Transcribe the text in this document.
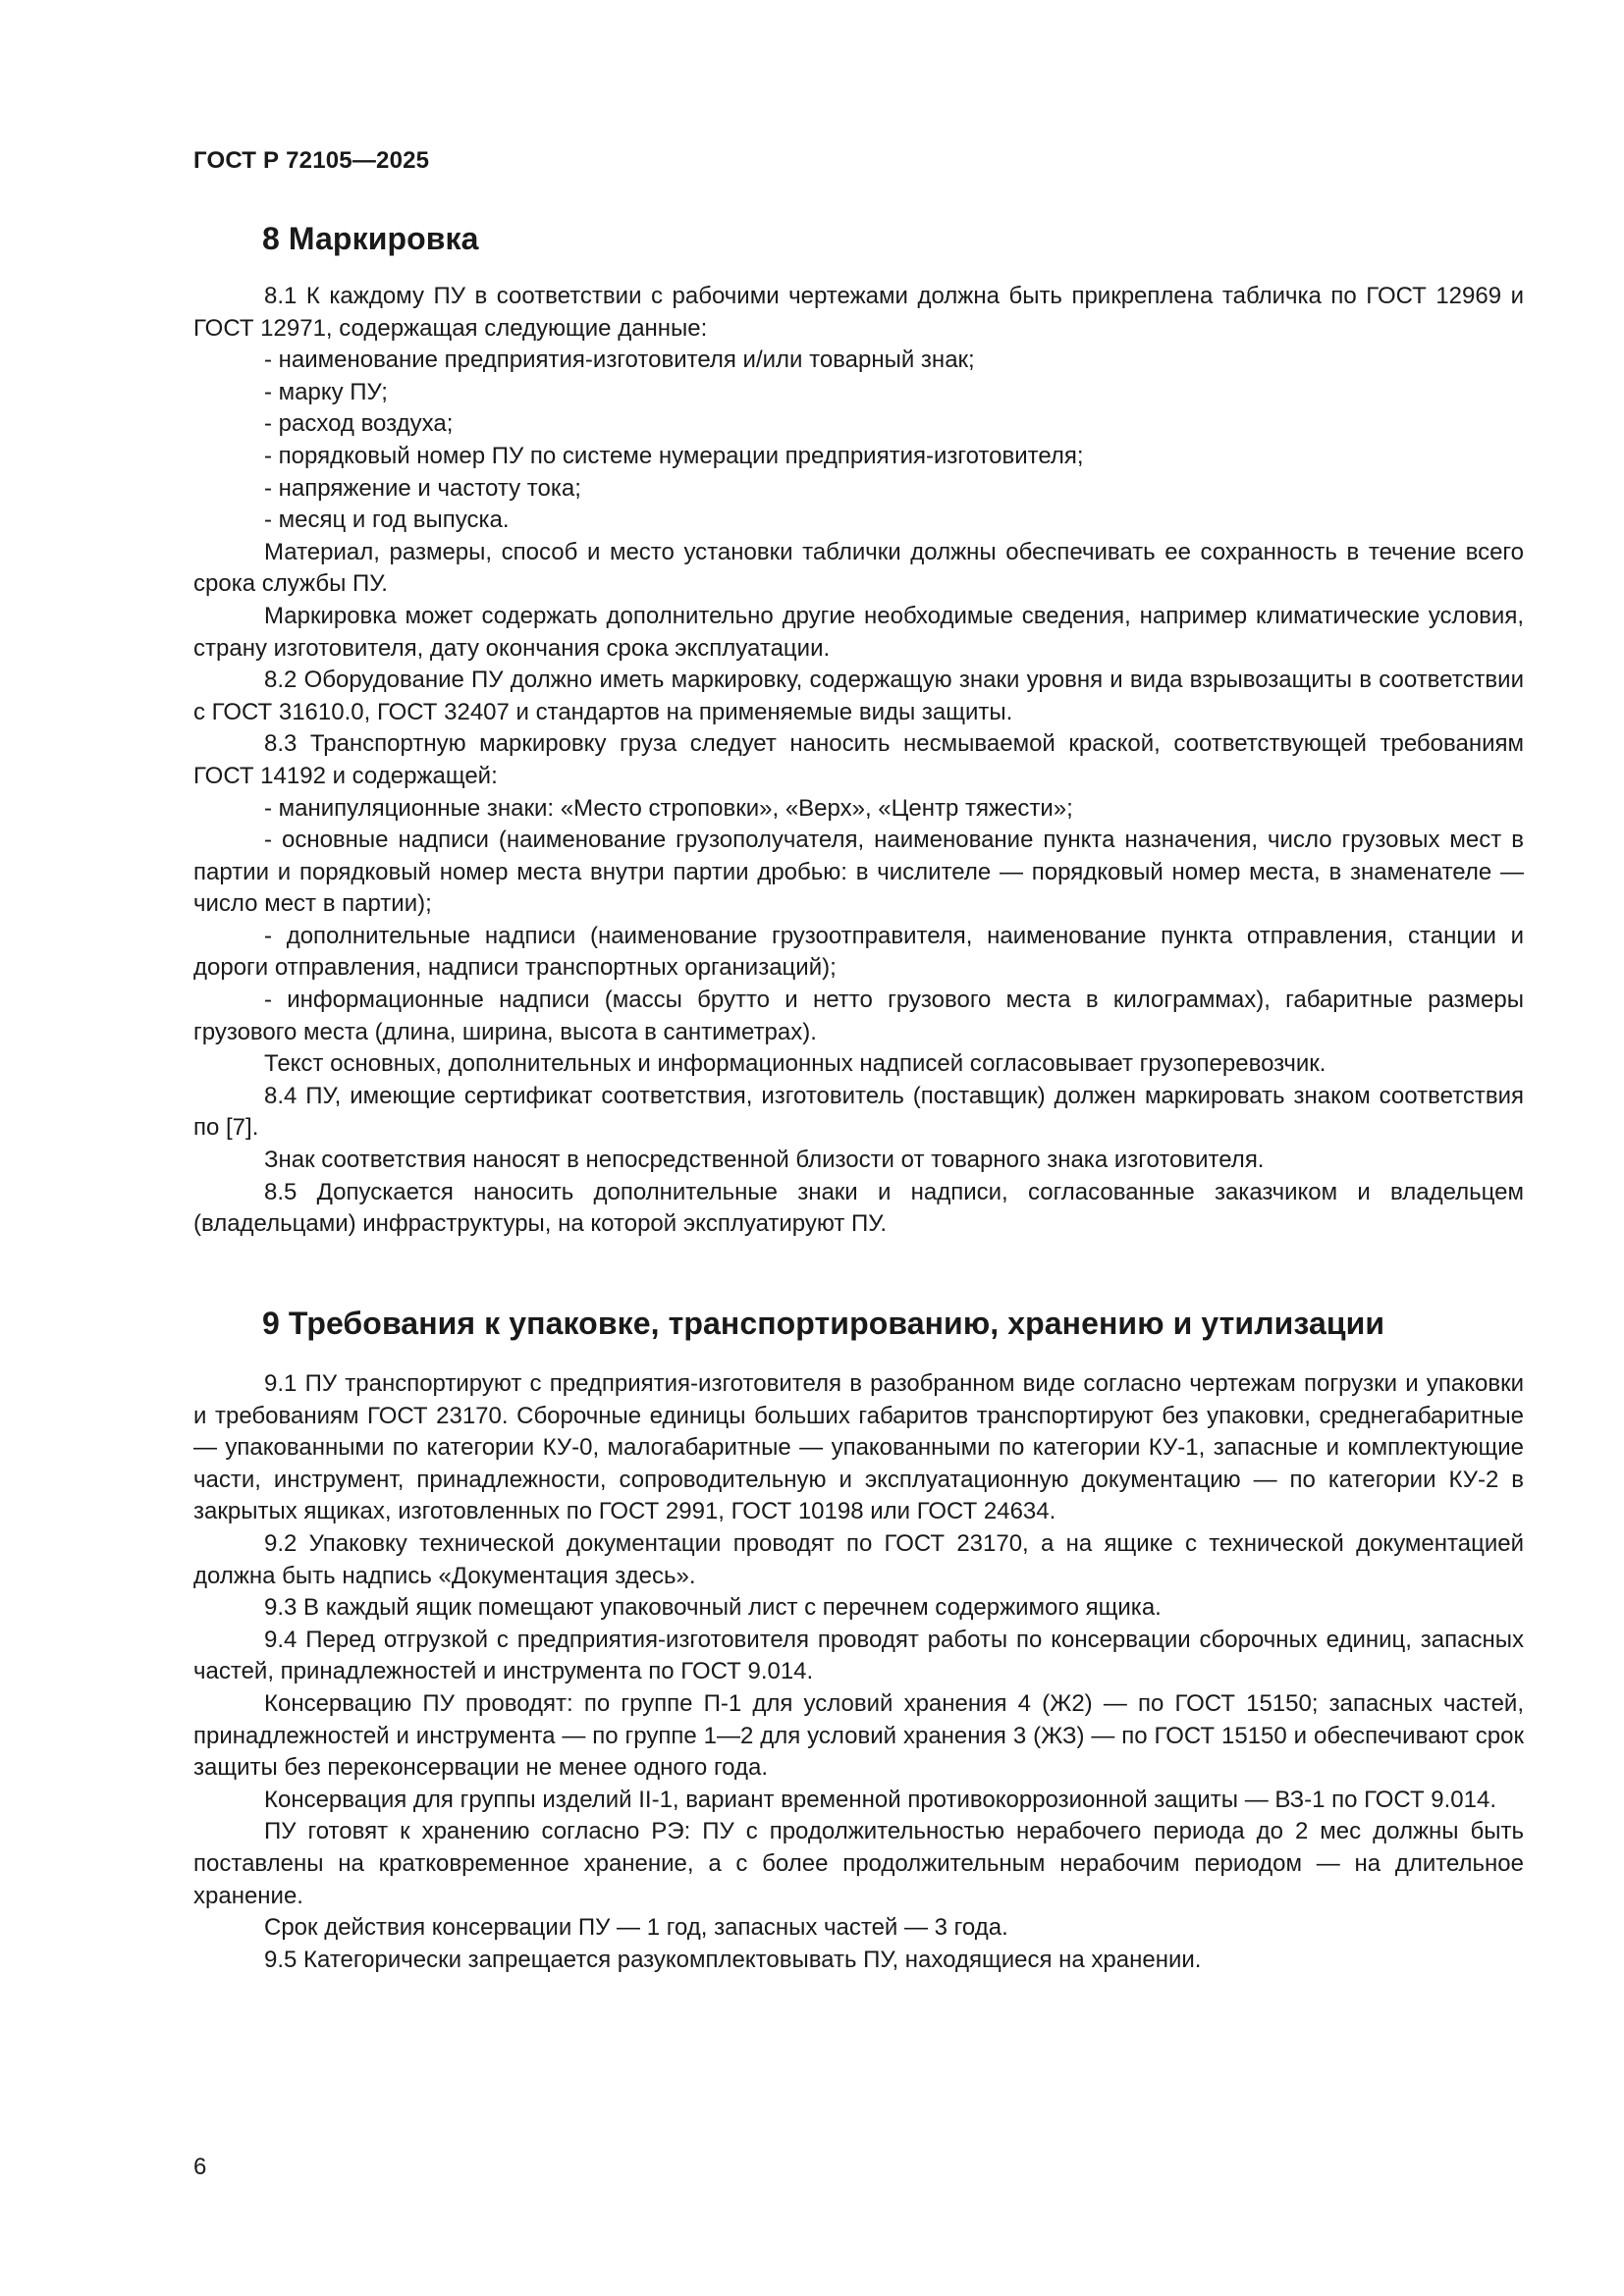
ГОСТ Р 72105—2025

8 Маркировка

8.1 К каждому ПУ в соответствии с рабочими чертежами должна быть прикреплена табличка по ГОСТ 12969 и ГОСТ 12971, содержащая следующие данные:

- наименование предприятия-изготовителя и/или товарный знак;

- марку ПУ;

- расход воздуха;

- порядковый номер ПУ по системе нумерации предприятия-изготовителя;

- напряжение и частоту тока;

- месяц и год выпуска.

Материал, размеры, способ и место установки таблички должны обеспечивать ее сохранность в течение всего срока службы ПУ.

Маркировка может содержать дополнительно другие необходимые сведения, например климатические условия, страну изготовителя, дату окончания срока эксплуатации.

8.2 Оборудование ПУ должно иметь маркировку, содержащую знаки уровня и вида взрывозащиты в соответствии с ГОСТ 31610.0, ГОСТ 32407 и стандартов на применяемые виды защиты.

8.3 Транспортную маркировку груза следует наносить несмываемой краской, соответствующей требованиям ГОСТ 14192 и содержащей:

- манипуляционные знаки: «Место строповки», «Верх», «Центр тяжести»;

- основные надписи (наименование грузополучателя, наименование пункта назначения, число грузовых мест в партии и порядковый номер места внутри партии дробью: в числителе — порядковый номер места, в знаменателе — число мест в партии);

- дополнительные надписи (наименование грузоотправителя, наименование пункта отправления, станции и дороги отправления, надписи транспортных организаций);

- информационные надписи (массы брутто и нетто грузового места в килограммах), габаритные размеры грузового места (длина, ширина, высота в сантиметрах).

Текст основных, дополнительных и информационных надписей согласовывает грузоперевозчик.

8.4 ПУ, имеющие сертификат соответствия, изготовитель (поставщик) должен маркировать знаком соответствия по [7].

Знак соответствия наносят в непосредственной близости от товарного знака изготовителя.

8.5 Допускается наносить дополнительные знаки и надписи, согласованные заказчиком и владельцем (владельцами) инфраструктуры, на которой эксплуатируют ПУ.

9 Требования к упаковке, транспортированию, хранению и утилизации

9.1 ПУ транспортируют с предприятия-изготовителя в разобранном виде согласно чертежам погрузки и упаковки и требованиям ГОСТ 23170. Сборочные единицы больших габаритов транспортируют без упаковки, среднегабаритные — упакованными по категории КУ-0, малогабаритные — упакованными по категории КУ-1, запасные и комплектующие части, инструмент, принадлежности, сопроводительную и эксплуатационную документацию — по категории КУ-2 в закрытых ящиках, изготовленных по ГОСТ 2991, ГОСТ 10198 или ГОСТ 24634.

9.2 Упаковку технической документации проводят по ГОСТ 23170, а на ящике с технической документацией должна быть надпись «Документация здесь».

9.3 В каждый ящик помещают упаковочный лист с перечнем содержимого ящика.

9.4 Перед отгрузкой с предприятия-изготовителя проводят работы по консервации сборочных единиц, запасных частей, принадлежностей и инструмента по ГОСТ 9.014.

Консервацию ПУ проводят: по группе П-1 для условий хранения 4 (Ж2) — по ГОСТ 15150; запасных частей, принадлежностей и инструмента — по группе 1—2 для условий хранения 3 (ЖЗ) — по ГОСТ 15150 и обеспечивают срок защиты без переконсервации не менее одного года.

Консервация для группы изделий II-1, вариант временной противокоррозионной защиты — ВЗ-1 по ГОСТ 9.014.

ПУ готовят к хранению согласно РЭ: ПУ с продолжительностью нерабочего периода до 2 мес должны быть поставлены на кратковременное хранение, а с более продолжительным нерабочим периодом — на длительное хранение.

Срок действия консервации ПУ — 1 год, запасных частей — 3 года.

9.5 Категорически запрещается разукомплектовывать ПУ, находящиеся на хранении.

6
